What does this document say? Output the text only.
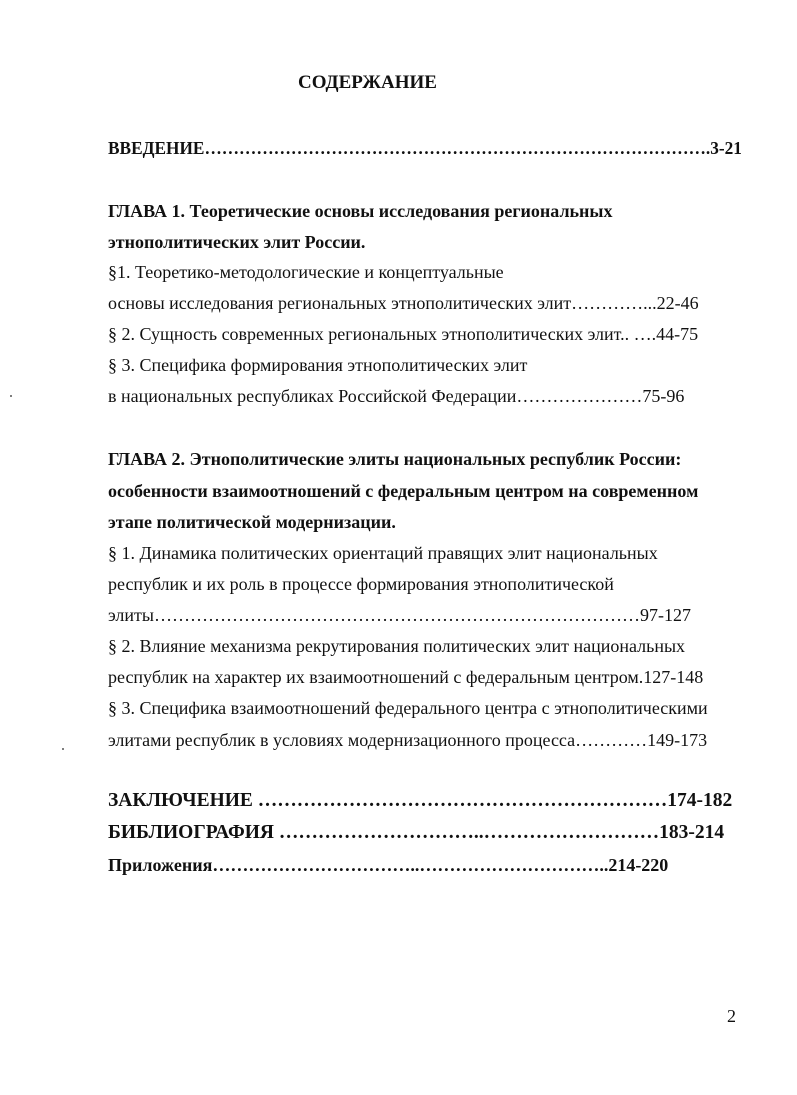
СОДЕРЖАНИЕ
ВВЕДЕНИЕ…………………………………………………………………………….3-21
ГЛАВА 1. Теоретические основы исследования региональных
этнополитических элит России.
§1. Теоретико-методологические и концептуальные
основы исследования региональных этнополитических элит…………...22-46
§ 2. Сущность современных региональных этнополитических элит.. ….44-75
§ 3. Специфика формирования этнополитических элит
в национальных республиках Российской Федерации…………………75-96
ГЛАВА 2. Этнополитические элиты национальных республик России:
особенности взаимоотношений с федеральным центром на современном
этапе политической модернизации.
§ 1. Динамика политических ориентаций правящих элит национальных
республик и их роль в процессе формирования этнополитической
элиты………………………………………………………………………97-127
§ 2. Влияние механизма рекрутирования политических элит национальных
республик на характер их взаимоотношений с федеральным центром.127-148
§ 3. Специфика взаимоотношений федерального центра с этнополитическими
элитами республик в условиях модернизационного процесса…………149-173
ЗАКЛЮЧЕНИЕ ………………………………………………………174-182
БИБЛИОГРАФИЯ …………………………..………………………183-214
Приложения……………………………..…………………………..214-220
2
